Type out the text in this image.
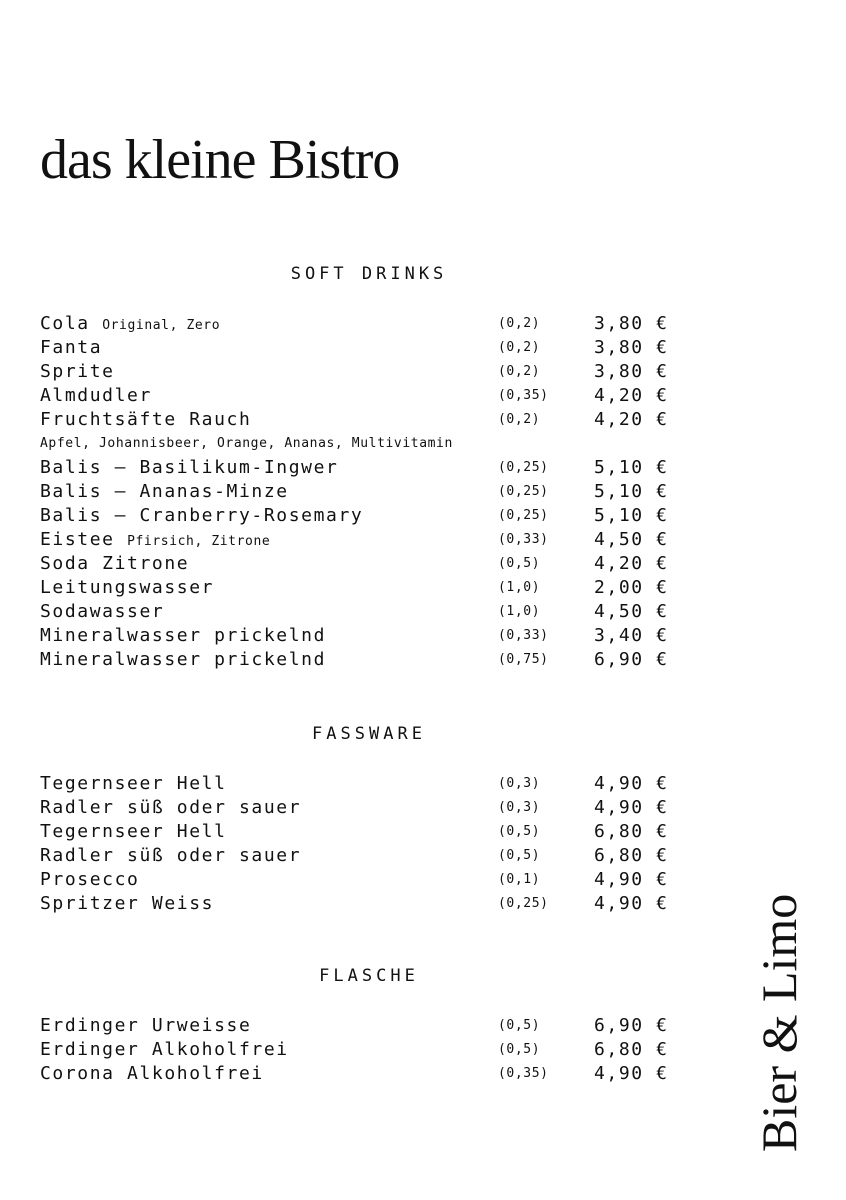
das kleine Bistro
Bier & Limo
SOFT DRINKS
Cola Original, Zero	(0,2)	3,80 €
Fanta	(0,2)	3,80 €
Sprite	(0,2)	3,80 €
Almdudler	(0,35)	4,20 €
Fruchtsäfte Rauch	(0,2)	4,20 €
Apfel, Johannisbeer, Orange, Ananas, Multivitamin
Balis – Basilikum-Ingwer	(0,25)	5,10 €
Balis – Ananas-Minze	(0,25)	5,10 €
Balis – Cranberry-Rosemary	(0,25)	5,10 €
Eistee Pfirsich, Zitrone	(0,33)	4,50 €
Soda Zitrone	(0,5)	4,20 €
Leitungswasser	(1,0)	2,00 €
Sodawasser	(1,0)	4,50 €
Mineralwasser prickelnd	(0,33)	3,40 €
Mineralwasser prickelnd	(0,75)	6,90 €
FASSWARE
Tegernseer Hell	(0,3)	4,90 €
Radler süß oder sauer	(0,3)	4,90 €
Tegernseer Hell	(0,5)	6,80 €
Radler süß oder sauer	(0,5)	6,80 €
Prosecco	(0,1)	4,90 €
Spritzer Weiss	(0,25)	4,90 €
FLASCHE
Erdinger Urweisse	(0,5)	6,90 €
Erdinger Alkoholfrei	(0,5)	6,80 €
Corona Alkoholfrei	(0,35)	4,90 €
